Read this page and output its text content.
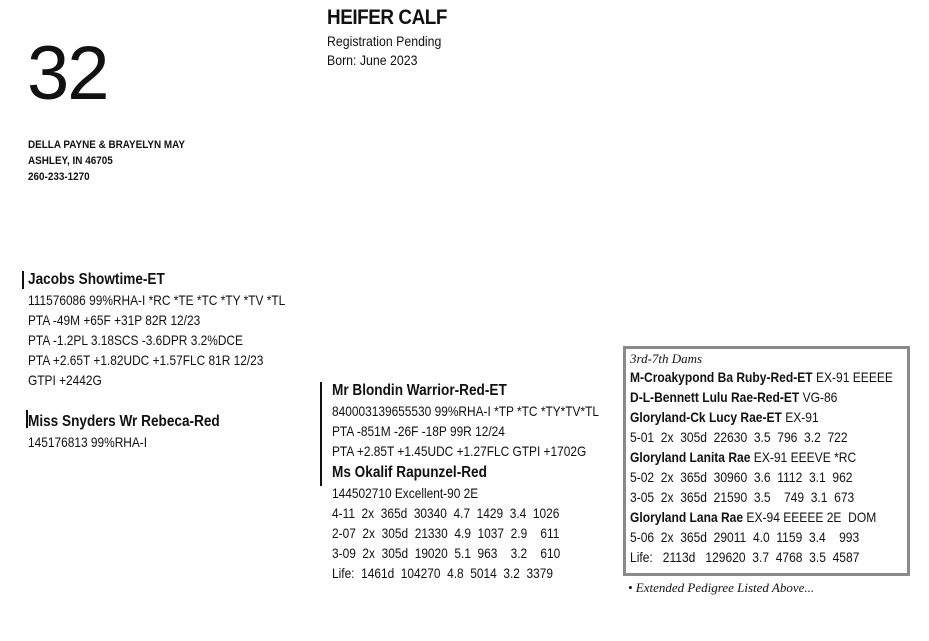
32
HEIFER CALF
Registration Pending
Born: June 2023
DELLA PAYNE & BRAYELYN MAY
ASHLEY, IN 46705
260-233-1270
Jacobs Showtime-ET
111576086 99%RHA-I *RC *TE *TC *TY *TV *TL
PTA -49M +65F +31P 82R 12/23
PTA -1.2PL 3.18SCS -3.6DPR 3.2%DCE
PTA +2.65T +1.82UDC +1.57FLC 81R 12/23
GTPI +2442G
Miss Snyders Wr Rebeca-Red
145176813 99%RHA-I
Mr Blondin Warrior-Red-ET
840003139655530 99%RHA-I *TP *TC *TY*TV*TL
PTA -851M -26F -18P 99R 12/24
PTA +2.85T +1.45UDC +1.27FLC GTPI +1702G
Ms Okalif Rapunzel-Red
144502710 Excellent-90 2E
4-11  2x  365d  30340  4.7  1429  3.4  1026
2-07  2x  305d  21330  4.9  1037  2.9    611
3-09  2x  305d  19020  5.1  963    3.2    610
Life:  1461d  104270  4.8  5014  3.2  3379
3rd-7th Dams
M-Croakypond Ba Ruby-Red-ET EX-91 EEEEE
D-L-Bennett Lulu Rae-Red-ET VG-86
Gloryland-Ck Lucy Rae-ET EX-91
5-01  2x  305d  22630  3.5  796  3.2  722
Gloryland Lanita Rae EX-91 EEEVE *RC
5-02  2x  365d  30960  3.6  1112  3.1  962
3-05  2x  365d  21590  3.5    749  3.1  673
Gloryland Lana Rae EX-94 EEEEE 2E  DOM
5-06  2x  365d  29011  4.0  1159  3.4    993
Life:   2113d   129620  3.7  4768  3.5  4587
• Extended Pedigree Listed Above...
